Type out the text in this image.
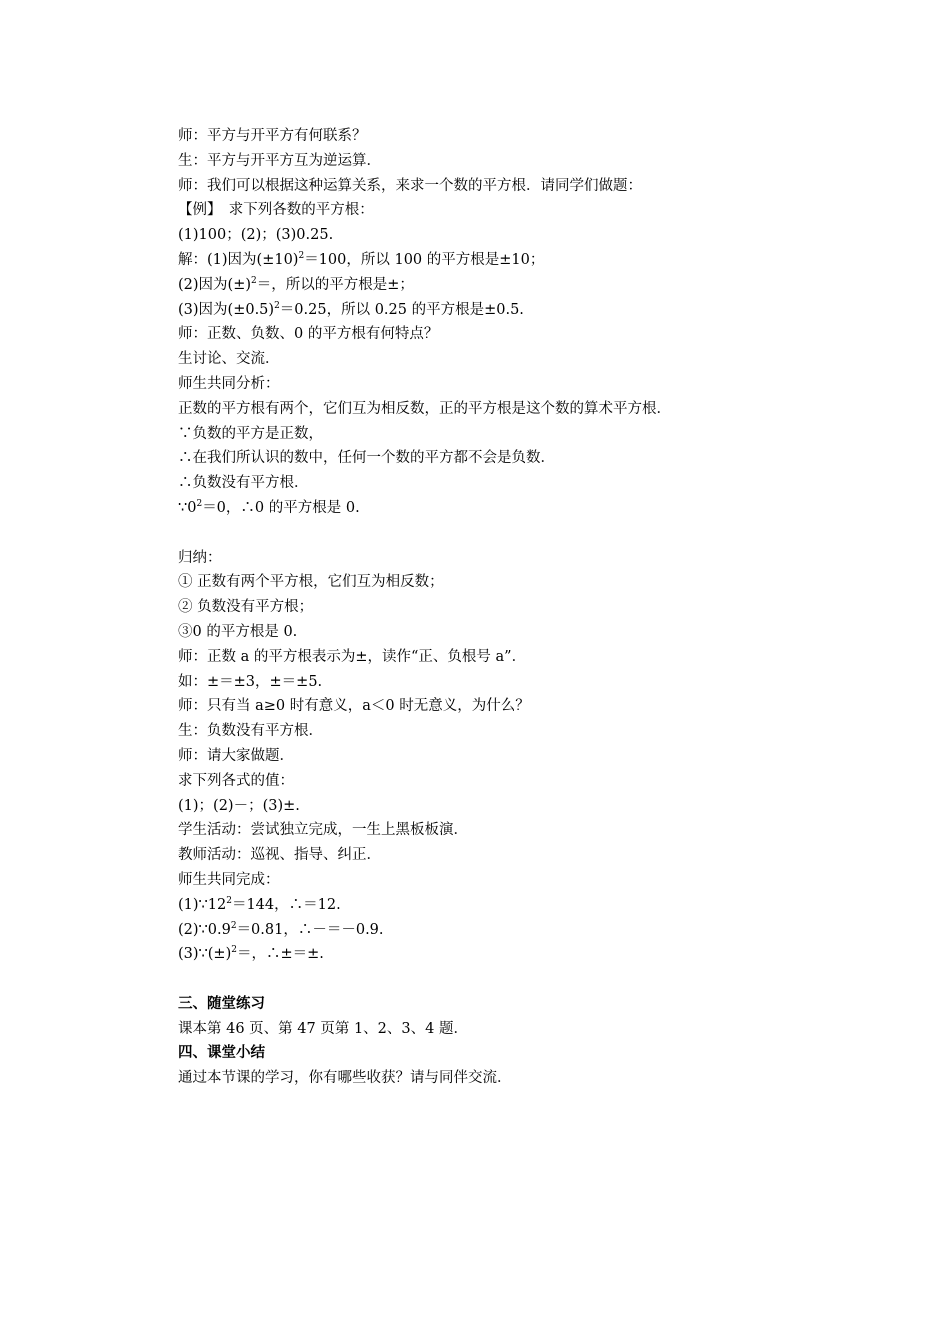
师：平方与开平方有何联系？
生：平方与开平方互为逆运算．
师：我们可以根据这种运算关系，来求一个数的平方根．请同学们做题：
【例】　求下列各数的平方根：
(1)100；(2)；(3)0.25.
解：(1)因为$(\pm 10)^2=100$，所以 100 的平方根是±10；
(2)因为$(\pm)^2=$，所以的平方根是±；
(3)因为$(\pm 0.5)^2=0.25$，所以 0.25 的平方根是±0.5.
师：正数、负数、0 的平方根有何特点？
生讨论、交流．
师生共同分析：
正数的平方根有两个，它们互为相反数，正的平方根是这个数的算术平方根．
∵负数的平方是正数，
∴在我们所认识的数中，任何一个数的平方都不会是负数．
∴负数没有平方根．
$\because 0^2=0$，∴0 的平方根是 0.
归纳：
① 正数有两个平方根，它们互为相反数；
② 负数没有平方根；
③0 的平方根是 0.
师：正数 a 的平方根表示为±，读作“正、负根号 a”．
如：±＝±3，±＝±5.
师：只有当 a≥0 时有意义，a＜0 时无意义，为什么？
生：负数没有平方根．
师：请大家做题．
求下列各式的值：
(1)；(2)－；(3)±.
学生活动：尝试独立完成，一生上黑板板演．
教师活动：巡视、指导、纠正．
师生共同完成：
$(1)\because 12^2=144$，∴＝12.
$(2)\because 0.9^2=0.81$，∴－＝－0.9.
$(3)\because(\pm)^2=$，∴±＝±.
三、随堂练习
课本第 46 页、第 47 页第 1、2、3、4 题．
四、课堂小结
通过本节课的学习，你有哪些收获？请与同伴交流．
